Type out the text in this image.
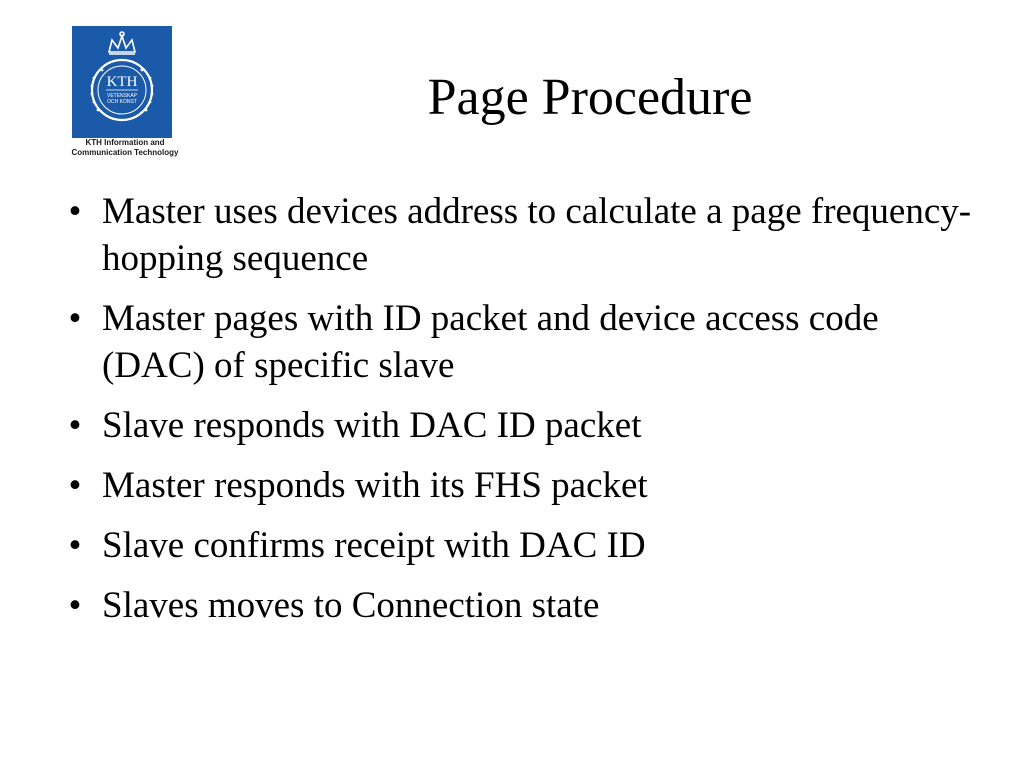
KTH
VETENSKAP
OCH KONST
KTH Information and
Communication Technology
Page Procedure
• Master uses devices address to calculate a page frequency-hopping sequence
• Master pages with ID packet and device access code (DAC) of specific slave
• Slave responds with DAC ID packet
• Master responds with its FHS packet
• Slave confirms receipt with DAC ID
• Slaves moves to Connection state
